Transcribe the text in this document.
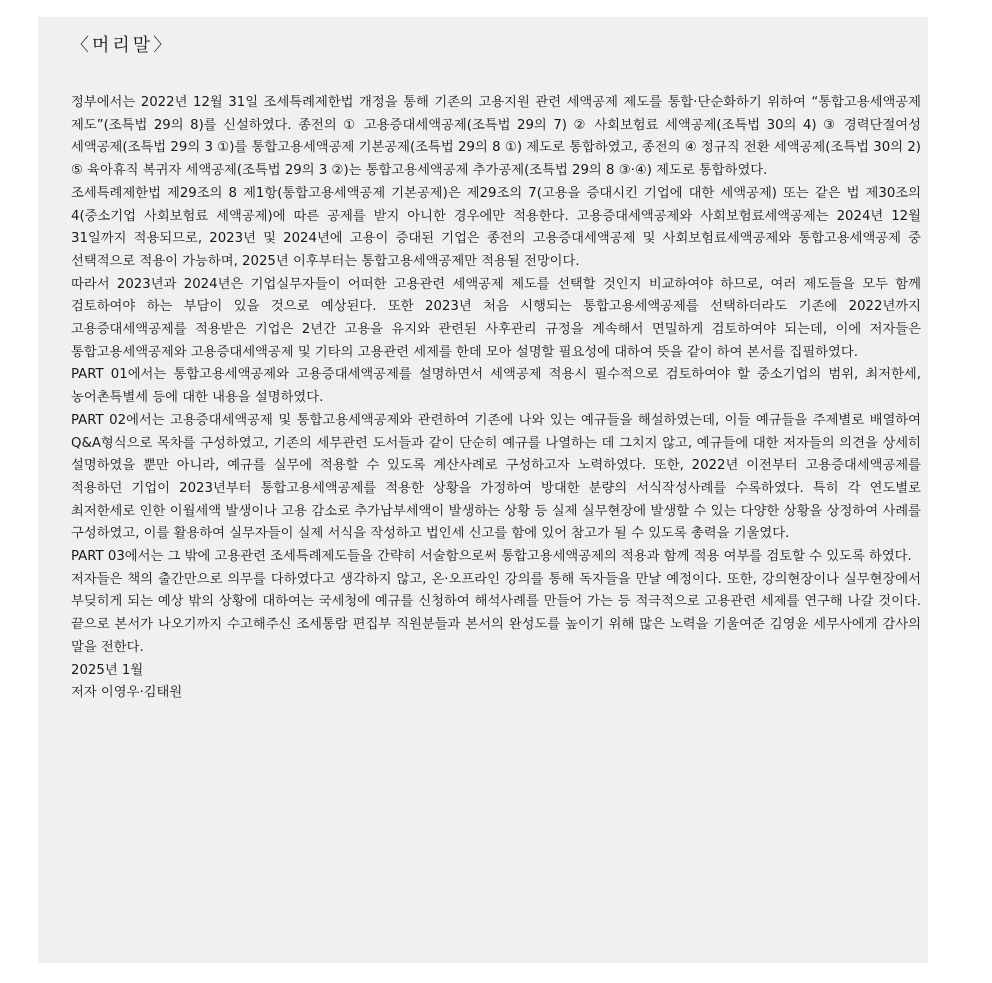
〈머리말〉

정부에서는 2022년 12월 31일 조세특례제한법 개정을 통해 기존의 고용지원 관련 세액공제 제도를 통합·단순화하기 위하여 “통합고용세액공제 제도”(조특법 29의 8)를 신설하였다. 종전의 ① 고용증대세액공제(조특법 29의 7) ② 사회보험료 세액공제(조특법 30의 4) ③ 경력단절여성 세액공제(조특법 29의 3 ①)를 통합고용세액공제 기본공제(조특법 29의 8 ①) 제도로 통합하였고, 종전의 ④ 정규직 전환 세액공제(조특법 30의 2) ⑤ 육아휴직 복귀자 세액공제(조특법 29의 3 ②)는 통합고용세액공제 추가공제(조특법 29의 8 ③·④) 제도로 통합하였다.

조세특례제한법 제29조의 8 제1항(통합고용세액공제 기본공제)은 제29조의 7(고용을 증대시킨 기업에 대한 세액공제) 또는 같은 법 제30조의 4(중소기업 사회보험료 세액공제)에 따른 공제를 받지 아니한 경우에만 적용한다. 고용증대세액공제와 사회보험료세액공제는 2024년 12월 31일까지 적용되므로, 2023년 및 2024년에 고용이 증대된 기업은 종전의 고용증대세액공제 및 사회보험료세액공제와 통합고용세액공제 중 선택적으로 적용이 가능하며, 2025년 이후부터는 통합고용세액공제만 적용될 전망이다.

따라서 2023년과 2024년은 기업실무자들이 어떠한 고용관련 세액공제 제도를 선택할 것인지 비교하여야 하므로, 여러 제도들을 모두 함께 검토하여야 하는 부담이 있을 것으로 예상된다. 또한 2023년 처음 시행되는 통합고용세액공제를 선택하더라도 기존에 2022년까지 고용증대세액공제를 적용받은 기업은 2년간 고용을 유지와 관련된 사후관리 규정을 계속해서 면밀하게 검토하여야 되는데, 이에 저자들은 통합고용세액공제와 고용증대세액공제 및 기타의 고용관련 세제를 한데 모아 설명할 필요성에 대하여 뜻을 같이 하여 본서를 집필하였다.

PART 01에서는 통합고용세액공제와 고용증대세액공제를 설명하면서 세액공제 적용시 필수적으로 검토하여야 할 중소기업의 범위, 최저한세, 농어촌특별세 등에 대한 내용을 설명하였다.

PART 02에서는 고용증대세액공제 및 통합고용세액공제와 관련하여 기존에 나와 있는 예규들을 해설하였는데, 이들 예규들을 주제별로 배열하여 Q&A형식으로 목차를 구성하였고, 기존의 세무관련 도서들과 같이 단순히 예규를 나열하는 데 그치지 않고, 예규들에 대한 저자들의 의견을 상세히 설명하였을 뿐만 아니라, 예규를 실무에 적용할 수 있도록 계산사례로 구성하고자 노력하였다. 또한, 2022년 이전부터 고용증대세액공제를 적용하던 기업이 2023년부터 통합고용세액공제를 적용한 상황을 가정하여 방대한 분량의 서식작성사례를 수록하였다. 특히 각 연도별로 최저한세로 인한 이월세액 발생이나 고용 감소로 추가납부세액이 발생하는 상황 등 실제 실무현장에 발생할 수 있는 다양한 상황을 상정하여 사례를 구성하였고, 이를 활용하여 실무자들이 실제 서식을 작성하고 법인세 신고를 함에 있어 참고가 될 수 있도록 총력을 기울였다.

PART 03에서는 그 밖에 고용관련 조세특례제도들을 간략히 서술함으로써 통합고용세액공제의 적용과 함께 적용 여부를 검토할 수 있도록 하였다.

저자들은 책의 출간만으로 의무를 다하였다고 생각하지 않고, 온·오프라인 강의를 통해 독자들을 만날 예정이다. 또한, 강의현장이나 실무현장에서 부딪히게 되는 예상 밖의 상황에 대하여는 국세청에 예규를 신청하여 해석사례를 만들어 가는 등 적극적으로 고용관련 세제를 연구해 나갈 것이다. 끝으로 본서가 나오기까지 수고해주신 조세통람 편집부 직원분들과 본서의 완성도를 높이기 위해 많은 노력을 기울여준 김영윤 세무사에게 감사의 말을 전한다.

2025년 1월

저자 이영우·김태원
